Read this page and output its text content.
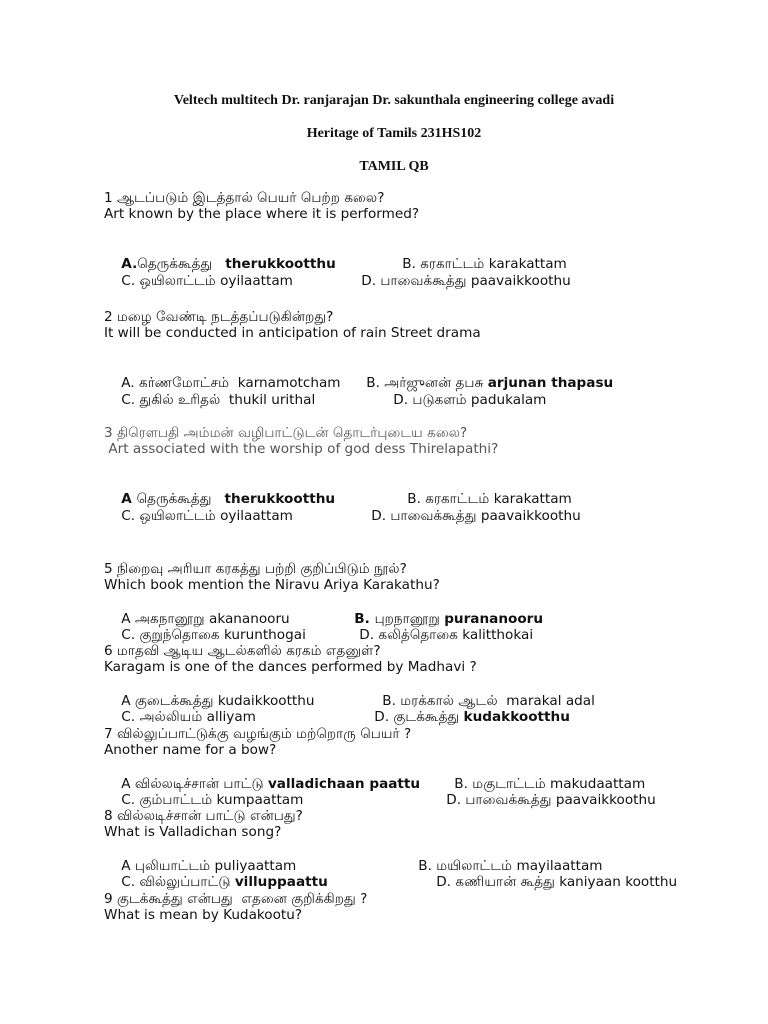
Veltech multitech Dr. ranjarajan Dr. sakunthala engineering college avadi
Heritage of Tamils 231HS102
TAMIL QB
1 ஆடப்படும் இடத்தால் பெயர் பெற்ற கலை?
Art known by the place where it is performed?

A.தெருக்கூத்து therukkootthu
	B. கரகாட்டம் karakattam

C. ஒயிலாட்டம் oyilaattam
	D. பாவைக்கூத்து paavaikkoothu

2 மழை வேண்டி நடத்தப்படுகின்றது?
It will be conducted in anticipation of rain Street drama

A. கர்ணமோட்சம் karnamotcham
	B. அர்ஜுனன் தபசு arjunan thapasu

C. துகில் உரிதல் thukil urithal
	D. படுகளம் padukalam

3 திரௌபதி அம்மன் வழிபாட்டுடன் தொடர்புடைய கலை?
Art associated with the worship of god dess Thirelapathi?

A தெருக்கூத்து therukkootthu
	B. கரகாட்டம் karakattam

C. ஒயிலாட்டம் oyilaattam
	D. பாவைக்கூத்து paavaikkoothu

5 நிறைவு அரியா கரகத்து பற்றி குறிப்பிடும் நூல்?
Which book mention the Niravu Ariya Karakathu?

A அகநானூறு akananooru
	B. புறநானூறு purananooru

C. குறுந்தொகை kurunthogai
	D. கலித்தொகை kalitthokai

6 மாதவி ஆடிய ஆடல்களில் கரகம் எதனுள்?
Karagam is one of the dances performed by Madhavi ?

A குடைக்கூத்து kudaikkootthu
	B. மரக்கால் ஆடல்  marakal adal

C. அல்லியம் alliyam
	D. குடக்கூத்து kudakkootthu

7 வில்லுப்பாட்டுக்கு வழங்கும் மற்றொரு பெயர் ?
Another name for a bow?

A வில்லடிச்சான் பாட்டு valladichaan paattu
	B. மகுடாட்டம் makudaattam

C. கும்பாட்டம் kumpaattam
	D. பாவைக்கூத்து paavaikkoothu

8 வில்லடிச்சான் பாட்டு என்பது?
What is Valladichan song?

A புலியாட்டம் puliyaattam
	B. மயிலாட்டம் mayilaattam

C. வில்லுப்பாட்டு villuppaattu
	D. கணியான் கூத்து kaniyaan kootthu

9 குடக்கூத்து என்பது  எதனை குறிக்கிறது ?
What is mean by Kudakootu?
